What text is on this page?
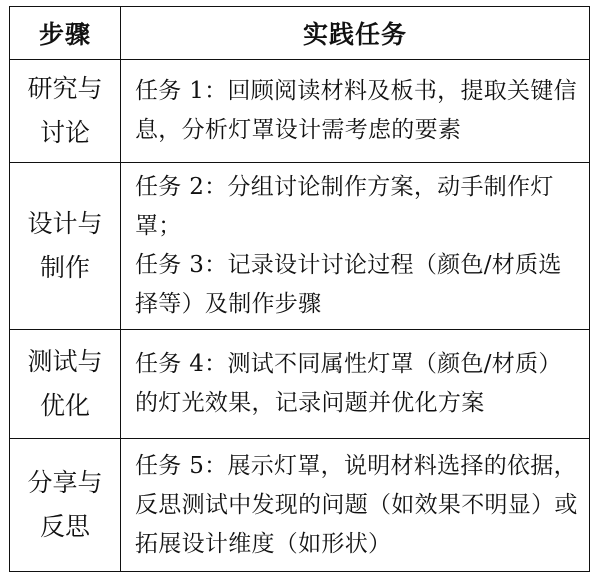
步骤	实践任务

研究与
讨论	任务 1：回顾阅读材料及板书，提取关键信息，分析灯罩设计需考虑的要素

设计与
制作	任务 2：分组讨论制作方案，动手制作灯罩；
任务 3：记录设计讨论过程（颜色/材质选择等）及制作步骤

测试与
优化	任务 4：测试不同属性灯罩（颜色/材质）的灯光效果，记录问题并优化方案

分享与
反思	任务 5：展示灯罩，说明材料选择的依据，反思测试中发现的问题（如效果不明显）或拓展设计维度（如形状）
